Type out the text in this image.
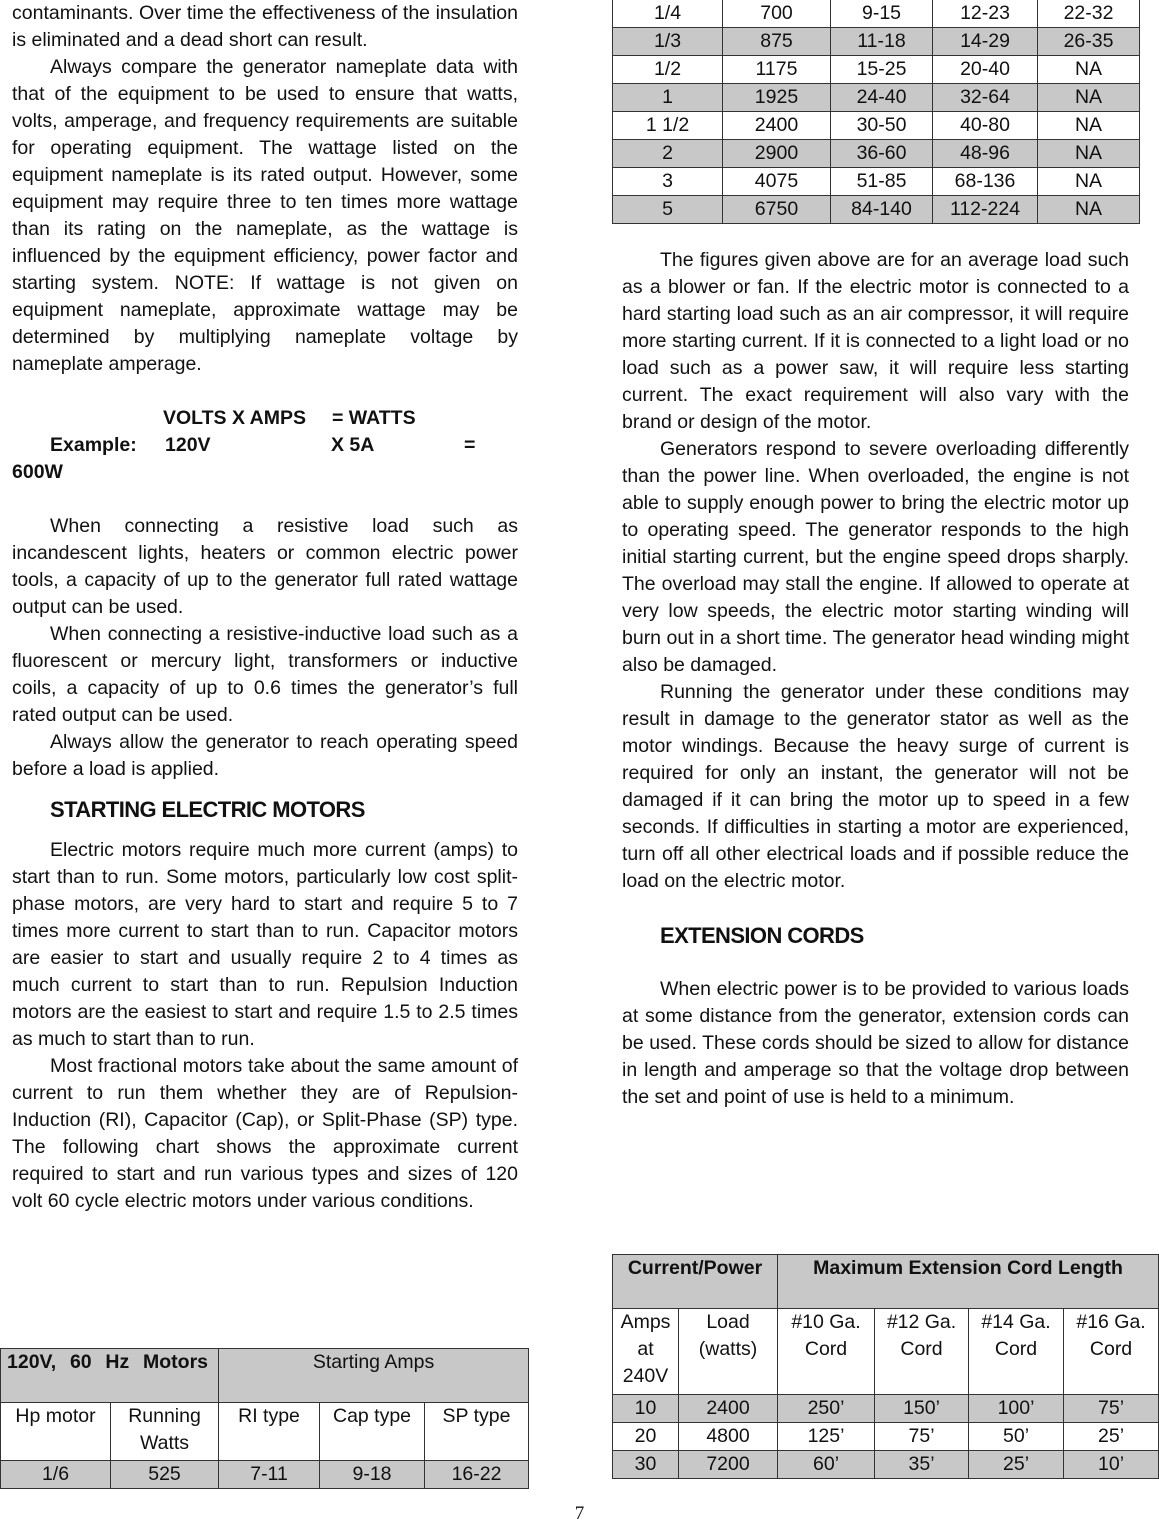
contaminants. Over time the effectiveness of the insulation is eliminated and a dead short can result.

Always compare the generator nameplate data with that of the equipment to be used to ensure that watts, volts, amperage, and frequency requirements are suitable for operating equipment. The wattage listed on the equipment nameplate is its rated output. However, some equipment may require three to ten times more wattage than its rating on the nameplate, as the wattage is influenced by the equipment efficiency, power factor and starting system. NOTE: If wattage is not given on equipment nameplate, approximate wattage may be determined by multiplying nameplate voltage by nameplate amperage.

VOLTS X AMPS = WATTS
Example: 120V	X 5A	=
600W

When connecting a resistive load such as incandescent lights, heaters or common electric power tools, a capacity of up to the generator full rated wattage output can be used.

When connecting a resistive-inductive load such as a fluorescent or mercury light, transformers or inductive coils, a capacity of up to 0.6 times the generator’s full rated output can be used.

Always allow the generator to reach operating speed before a load is applied.

STARTING ELECTRIC MOTORS

Electric motors require much more current (amps) to start than to run. Some motors, particularly low cost split-phase motors, are very hard to start and require 5 to 7 times more current to start than to run. Capacitor motors are easier to start and usually require 2 to 4 times as much current to start than to run. Repulsion Induction motors are the easiest to start and require 1.5 to 2.5 times as much to start than to run.

Most fractional motors take about the same amount of current to run them whether they are of Repulsion-Induction (RI), Capacitor (Cap), or Split-Phase (SP) type. The following chart shows the approximate current required to start and run various types and sizes of 120 volt 60 cycle electric motors under various conditions.

120V, 60 Hz Motors		Starting Amps		
Hp motor	Running Watts	RI type	Cap type	SP type
1/6	525	7-11	9-18	16-22
1/4	700	9-15	12-23	22-32
1/3	875	11-18	14-29	26-35
1/2	1175	15-25	20-40	NA
1	1925	24-40	32-64	NA
1 1/2	2400	30-50	40-80	NA
2	2900	36-60	48-96	NA
3	4075	51-85	68-136	NA
5	6750	84-140	112-224	NA

The figures given above are for an average load such as a blower or fan. If the electric motor is connected to a hard starting load such as an air compressor, it will require more starting current. If it is connected to a light load or no load such as a power saw, it will require less starting current. The exact requirement will also vary with the brand or design of the motor.

Generators respond to severe overloading differently than the power line. When overloaded, the engine is not able to supply enough power to bring the electric motor up to operating speed. The generator responds to the high initial starting current, but the engine speed drops sharply. The overload may stall the engine. If allowed to operate at very low speeds, the electric motor starting winding will burn out in a short time. The generator head winding might also be damaged.

Running the generator under these conditions may result in damage to the generator stator as well as the motor windings. Because the heavy surge of current is required for only an instant, the generator will not be damaged if it can bring the motor up to speed in a few seconds. If difficulties in starting a motor are experienced, turn off all other electrical loads and if possible reduce the load on the electric motor.

EXTENSION CORDS

When electric power is to be provided to various loads at some distance from the generator, extension cords can be used. These cords should be sized to allow for distance in length and amperage so that the voltage drop between the set and point of use is held to a minimum.

Current/Power		Maximum Extension Cord Length			
Amps at 240V	Load (watts)	#10 Ga. Cord	#12 Ga. Cord	#14 Ga. Cord	#16 Ga. Cord
10	2400	250’	150’	100’	75’
20	4800	125’	75’	50’	25’
30	7200	60’	35’	25’	10’
7
